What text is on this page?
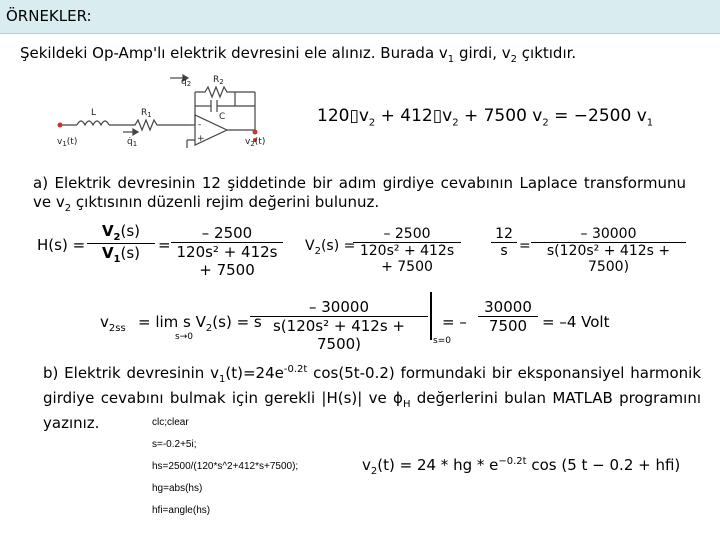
ÖRNEKLER:
Şekildeki Op-Amp'lı elektrik devresini ele alınız. Burada $v_1$ girdi, $v_2$ çıktıdır.
$q̇_2$ $R_2$
C
L	$R_1$
$q̇_1$
$v_1(t)$	$v_2(t)$
-
+
$120▯v_2$ + $412▯v_2 + 7500$ $v_2 = -2500$ $v_1$
a) Elektrik devresinin 12 şiddetinde bir adım girdiye cevabının Laplace transformunu
ve $v_2$ çıktısının düzenli rejim değerini bulunuz.
$H(s) = \frac{V_2(s)}{V_1(s)} = \frac{- 2500}{\text{120s² + 412s + 7500}} V_2(s)$ =
$\frac{- 2500}{\text{120s² + 412s + 7500}} \frac{12}{s} = \frac{- 30000}{\text{s(120s² + 412s + 7500)}}$
$v_{2ss} = \lim s$ $V_2(s) = s$
s→0	$\frac{- 30000}{\text{s(120s² + 412s + 7500)}} s=0$
= – $\frac{30000}{7500} = -4$ Volt
b) Elektrik devresinin $v_1(t)=24e^{-0.2t}$ cos(5t-0.2) formundaki bir eksponansiyel harmonik
girdiye cevabını bulmak için gerekli |H(s)| ve $\phi_H$ değerlerini bulan MATLAB programını
yazınız.	clc;clear
s=-0.2+5i;
hs=2500/(120*s^2+412*s+7500);
hg=abs(hs)
hfi=angle(hs)
$v_2(t) = 24$ * hg * $e^{-0.2t}$ cos (5 t − 0.2 + hfi)
